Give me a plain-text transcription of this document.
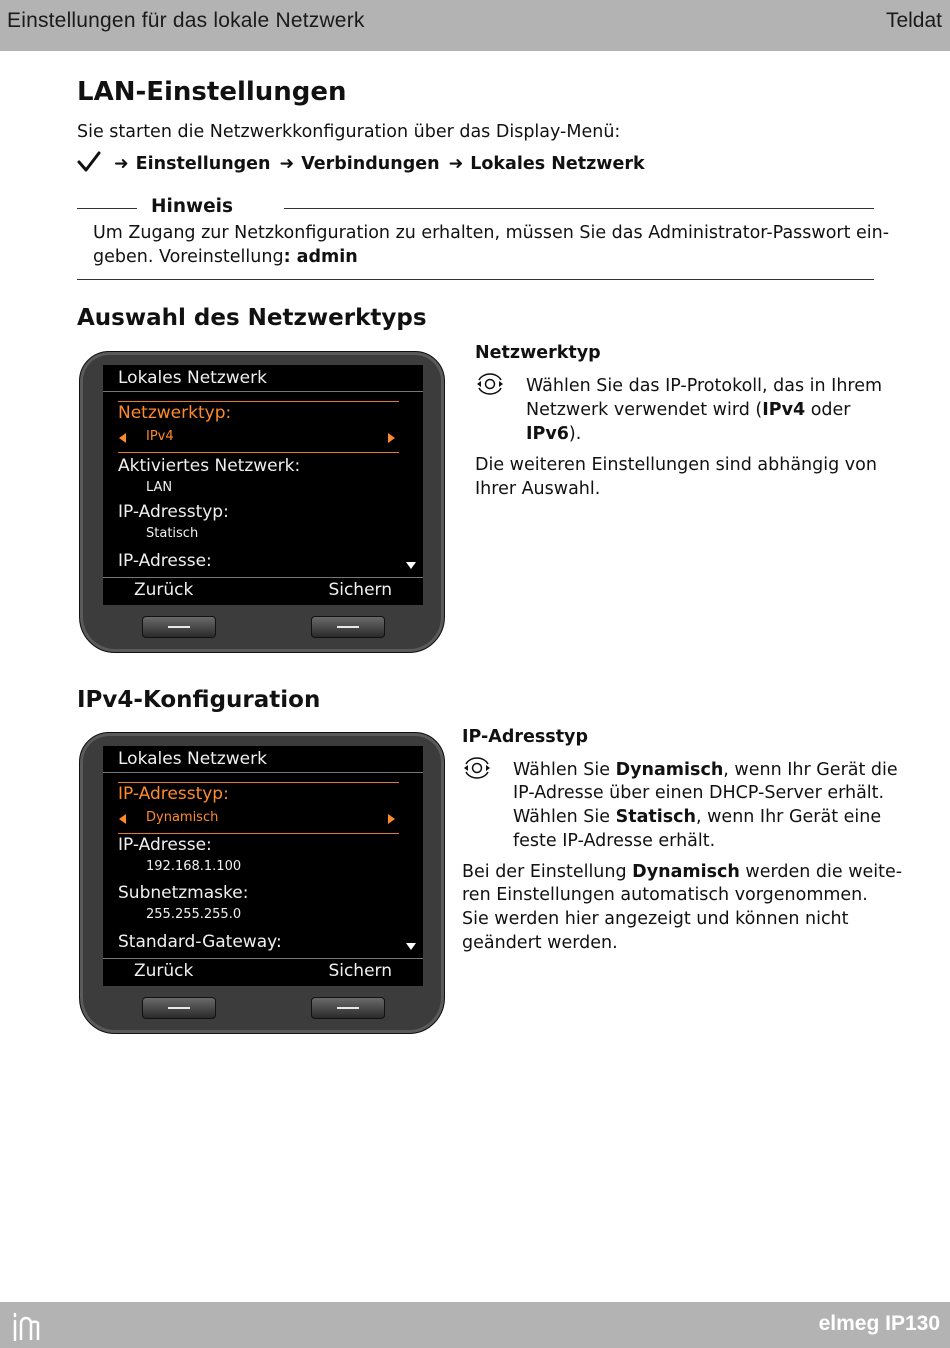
Einstellungen für das lokale Netzwerk	Teldat
LAN-Einstellungen
Sie starten die Netzwerkkonfiguration über das Display-Menü:
➜ Einstellungen ➜ Verbindungen ➜ Lokales Netzwerk
Hinweis
Um Zugang zur Netzkonfiguration zu erhalten, müssen Sie das Administrator-Passwort ein-
geben. Voreinstellung: admin
Auswahl des Netzwerktyps
Lokales Netzwerk
Netzwerktyp:
IPv4
Aktiviertes Netzwerk:
LAN
IP-Adresstyp:
Statisch
IP-Adresse:
Zurück	Sichern
Netzwerktyp
Wählen Sie das IP-Protokoll, das in Ihrem
Netzwerk verwendet wird (IPv4 oder
IPv6).
Die weiteren Einstellungen sind abhängig von
Ihrer Auswahl.
IPv4-Konfiguration
Lokales Netzwerk
IP-Adresstyp:
Dynamisch
IP-Adresse:
192.168.1.100
Subnetzmaske:
255.255.255.0
Standard-Gateway:
Zurück	Sichern
IP-Adresstyp
Wählen Sie Dynamisch, wenn Ihr Gerät die
IP-Adresse über einen DHCP-Server erhält.
Wählen Sie Statisch, wenn Ihr Gerät eine
feste IP-Adresse erhält.
Bei der Einstellung Dynamisch werden die weite-
ren Einstellungen automatisch vorgenommen.
Sie werden hier angezeigt und können nicht
geändert werden.
elmeg IP130
